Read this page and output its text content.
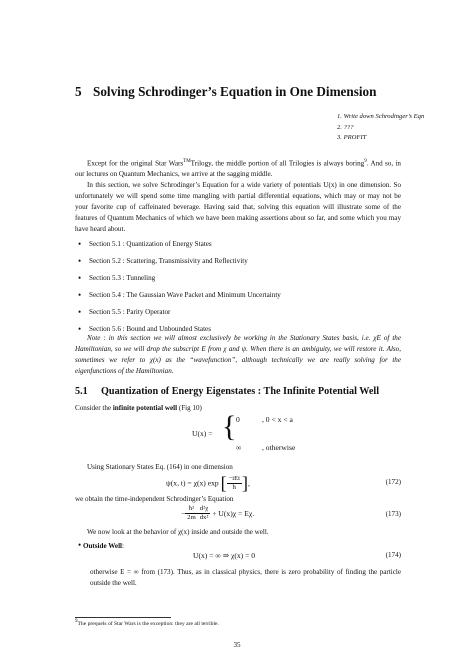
5 Solving Schrodinger’s Equation in One Dimension
1. Write down Schrodinger’s Eqn
2. ???
3. PROFIT
Except for the original Star Wars™Trilogy, the middle portion of all Trilogies is always boring$^9$. And so, in our lectures on Quantum Mechanics, we arrive at the sagging middle.
In this section, we solve Schrodinger’s Equation for a wide variety of potentials U(x) in one dimension. So unfortunately we will spend some time mangling with partial differential equations, which may or may not be your favorite cup of caffeinated beverage. Having said that, solving this equation will illustrate some of the features of Quantum Mechanics of which we have been making assertions about so far, and some which you may have heard about.
• Section 5.1 : Quantization of Energy States
• Section 5.2 : Scattering, Transmissivity and Reflectivity
• Section 5.3 : Tunneling
• Section 5.4 : The Gaussian Wave Packet and Minimum Uncertainty
• Section 5.5 : Parity Operator
• Section 5.6 : Bound and Unbounded States
Note : in this section we will almost exclusively be working in the Stationary States basis, i.e. χE of the Hamiltonian, so we will drop the subscript E from χ and ψ. When there is an ambiguity, we will restore it. Also, sometimes we refer to χ(x) as the “wavefunction”, although technically we are really solving for the eigenfunctions of the Hamiltonian.
5.1 Quantization of Energy Eigenstates : The Infinite Potential Well
Consider the infinite potential well (Fig 10)
U(x) = { 0	, 0 < x < a
∞	, otherwise
Using Stationary States Eq. (164) in one dimension
ψ(x, t) = χ(x) exp [ $\frac{\text{−iEt}}{ħ}$ ],	(172)
we obtain the time-independent Schrodinger’s Equation
− $\frac{\text{ħ²}}{2m} \frac{\text{d²χ}}{\text{dx²}} + U(x)\chi = E\chi$.	(173)
We now look at the behavior of χ(x) inside and outside the well.
• Outside Well:
U(x) = ∞ ⇒ χ(x) = 0	(174)
otherwise E = ∞ from (173). Thus, as in classical physics, there is zero probability of finding the particle outside the well.
$^9$The prequels of Star Wars is the exception: they are all terrible.
35
